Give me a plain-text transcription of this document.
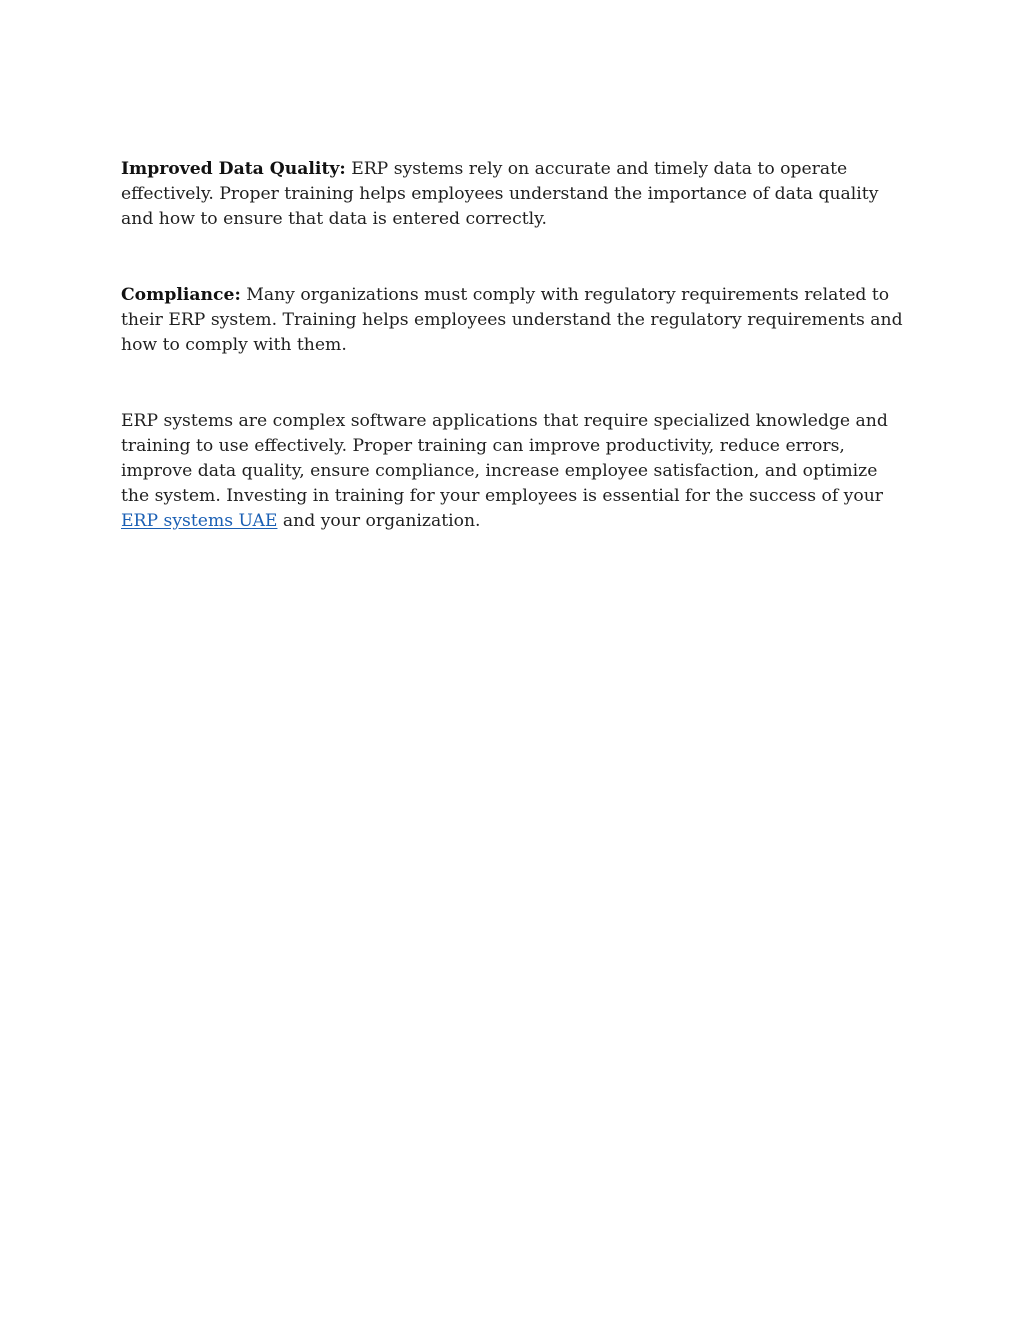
Improved Data Quality: ERP systems rely on accurate and timely data to operate effectively. Proper training helps employees understand the importance of data quality and how to ensure that data is entered correctly.

Compliance: Many organizations must comply with regulatory requirements related to their ERP system. Training helps employees understand the regulatory requirements and how to comply with them.

ERP systems are complex software applications that require specialized knowledge and training to use effectively. Proper training can improve productivity, reduce errors, improve data quality, ensure compliance, increase employee satisfaction, and optimize the system. Investing in training for your employees is essential for the success of your ERP systems UAE and your organization.
